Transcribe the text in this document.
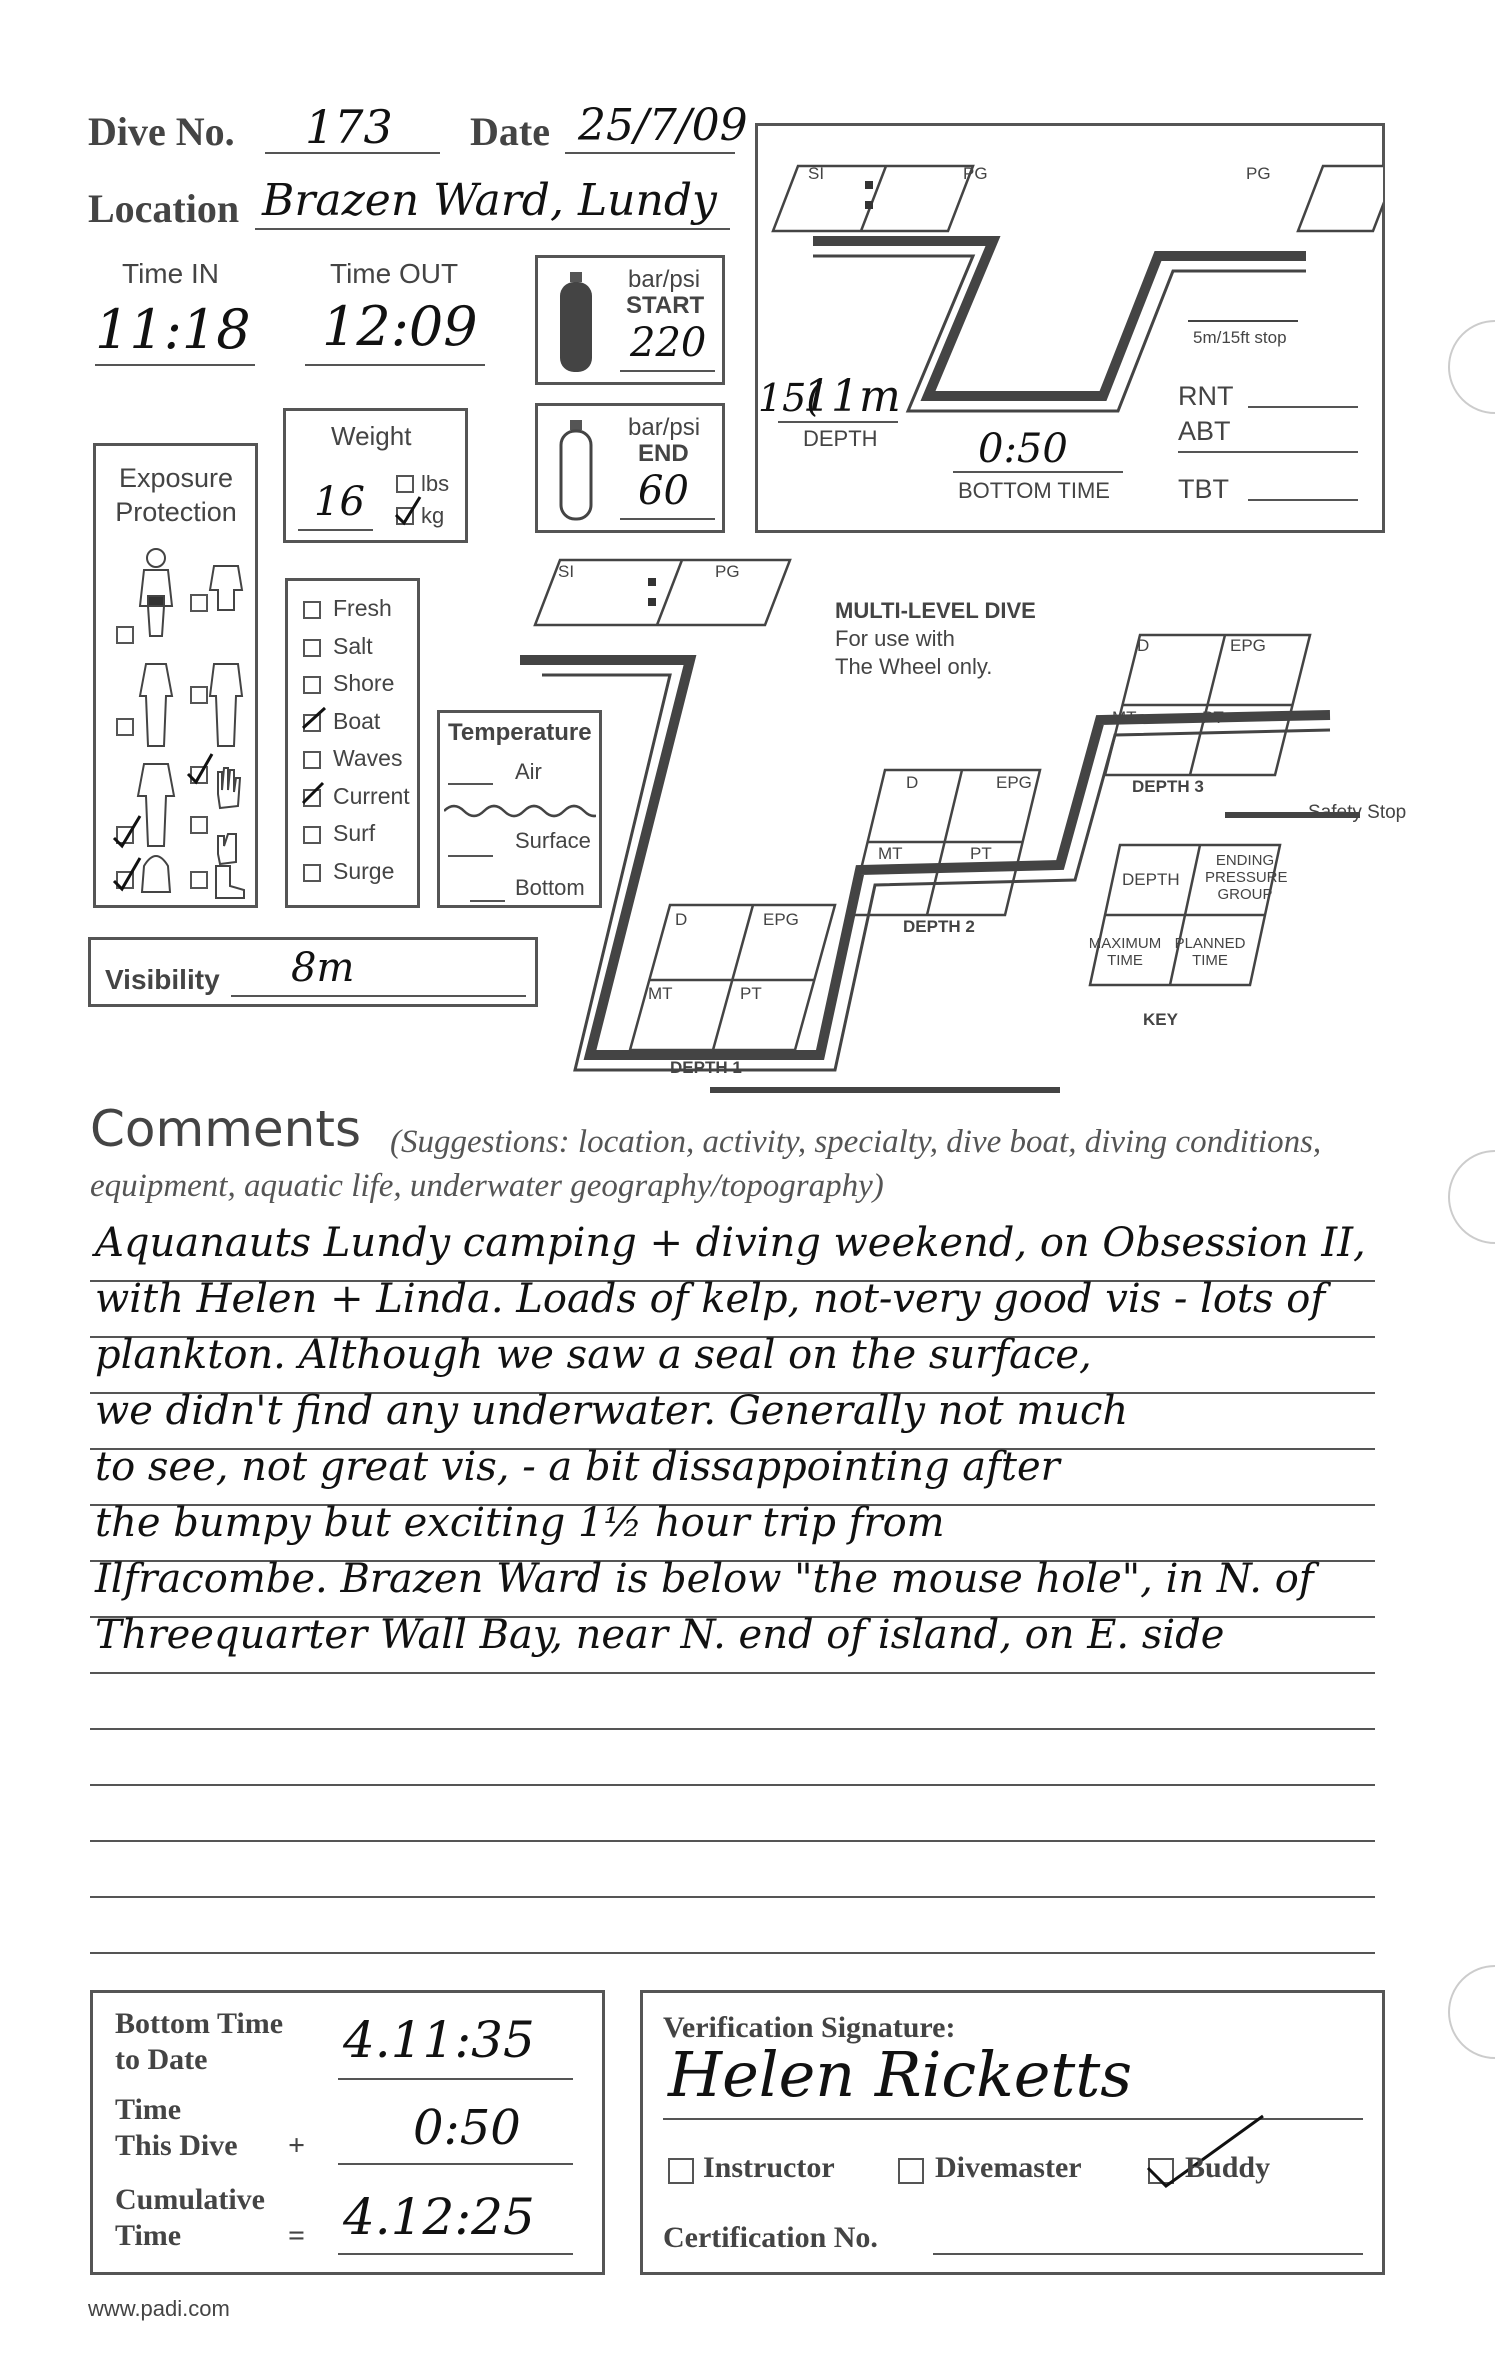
Dive No. 173 Date 25/7/09
Location Brazen Ward, Lundy
Time IN
11:18
Time OUT
12:09
bar/psi
START
220
bar/psi
END
60
Weight
16	lbs
kg
Exposure Protection
Fresh
Salt
Shore
Boat
Waves
Current
Surf
Surge
Temperature
Air
Surface
Bottom
Visibility 8m
SI	PG	PG
5m/15ft stop
15(
11m
DEPTH	0:50
BOTTOM TIME
RNT
ABT
TBT
SI	PG
MULTI-LEVEL DIVE
For use with
The Wheel only.
D	EPG
MT	PT
DEPTH 3
Safety Stop
D	EPG
MT	PT
DEPTH 2
D	EPG
MT	PT
DEPTH 1
DEPTH
ENDING PRESSURE GROUP
MAXIMUM TIME
PLANNED TIME
KEY
Comments (Suggestions: location, activity, specialty, dive boat, diving conditions, equipment, aquatic life, underwater geography/topography)
Aquanauts Lundy camping + diving weekend, on Obsession II,
with Helen + Linda. Loads of kelp, not-very good vis - lots of
plankton. Although we saw a seal on the surface,
we didn't find any underwater. Generally not much
to see, not great vis, - a bit dissappointing after
the bumpy but exciting 1½ hour trip from
Ilfracombe. Brazen Ward is below "the mouse hole", in N. of
Threequarter Wall Bay, near N. end of island, on E. side
Bottom Time
to Date	4.11:35
Time
This Dive + 0:50
Cumulative
Time	= 4.12:25
Verification Signature:
Helen Ricketts
Instructor	Divemaster	Buddy
Certification No.
www.padi.com
